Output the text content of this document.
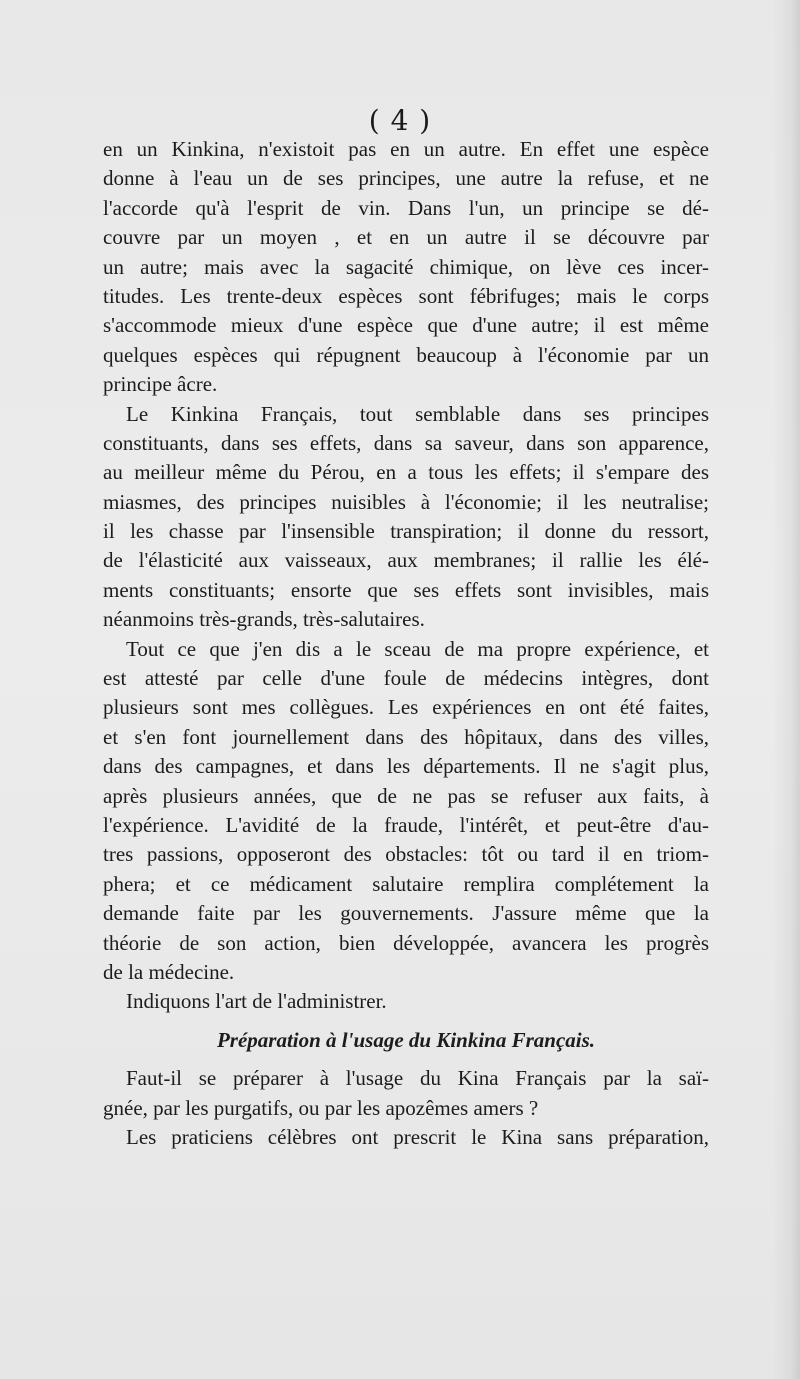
( 4 )
en un Kinkina, n'existoit pas en un autre. En effet une espèce
donne à l'eau un de ses principes, une autre la refuse, et ne
l'accorde qu'à l'esprit de vin. Dans l'un, un principe se dé-
couvre par un moyen , et en un autre il se découvre par
un autre; mais avec la sagacité chimique, on lève ces incer-
titudes. Les trente-deux espèces sont fébrifuges; mais le corps
s'accommode mieux d'une espèce que d'une autre; il est même
quelques espèces qui répugnent beaucoup à l'économie par un
principe âcre.
Le Kinkina Français, tout semblable dans ses principes
constituants, dans ses effets, dans sa saveur, dans son apparence,
au meilleur même du Pérou, en a tous les effets; il s'empare des
miasmes, des principes nuisibles à l'économie; il les neutralise;
il les chasse par l'insensible transpiration; il donne du ressort,
de l'élasticité aux vaisseaux, aux membranes; il rallie les élé-
ments constituants; ensorte que ses effets sont invisibles, mais
néanmoins très-grands, très-salutaires.
Tout ce que j'en dis a le sceau de ma propre expérience, et
est attesté par celle d'une foule de médecins intègres, dont
plusieurs sont mes collègues. Les expériences en ont été faites,
et s'en font journellement dans des hôpitaux, dans des villes,
dans des campagnes, et dans les départements. Il ne s'agit plus,
après plusieurs années, que de ne pas se refuser aux faits, à
l'expérience. L'avidité de la fraude, l'intérêt, et peut-être d'au-
tres passions, opposeront des obstacles: tôt ou tard il en triom-
phera; et ce médicament salutaire remplira complétement la
demande faite par les gouvernements. J'assure même que la
théorie de son action, bien développée, avancera les progrès
de la médecine.
Indiquons l'art de l'administrer.
Préparation à l'usage du Kinkina Français.
Faut-il se préparer à l'usage du Kina Français par la saï-
gnée, par les purgatifs, ou par les apozêmes amers ?
Les praticiens célèbres ont prescrit le Kina sans préparation,
